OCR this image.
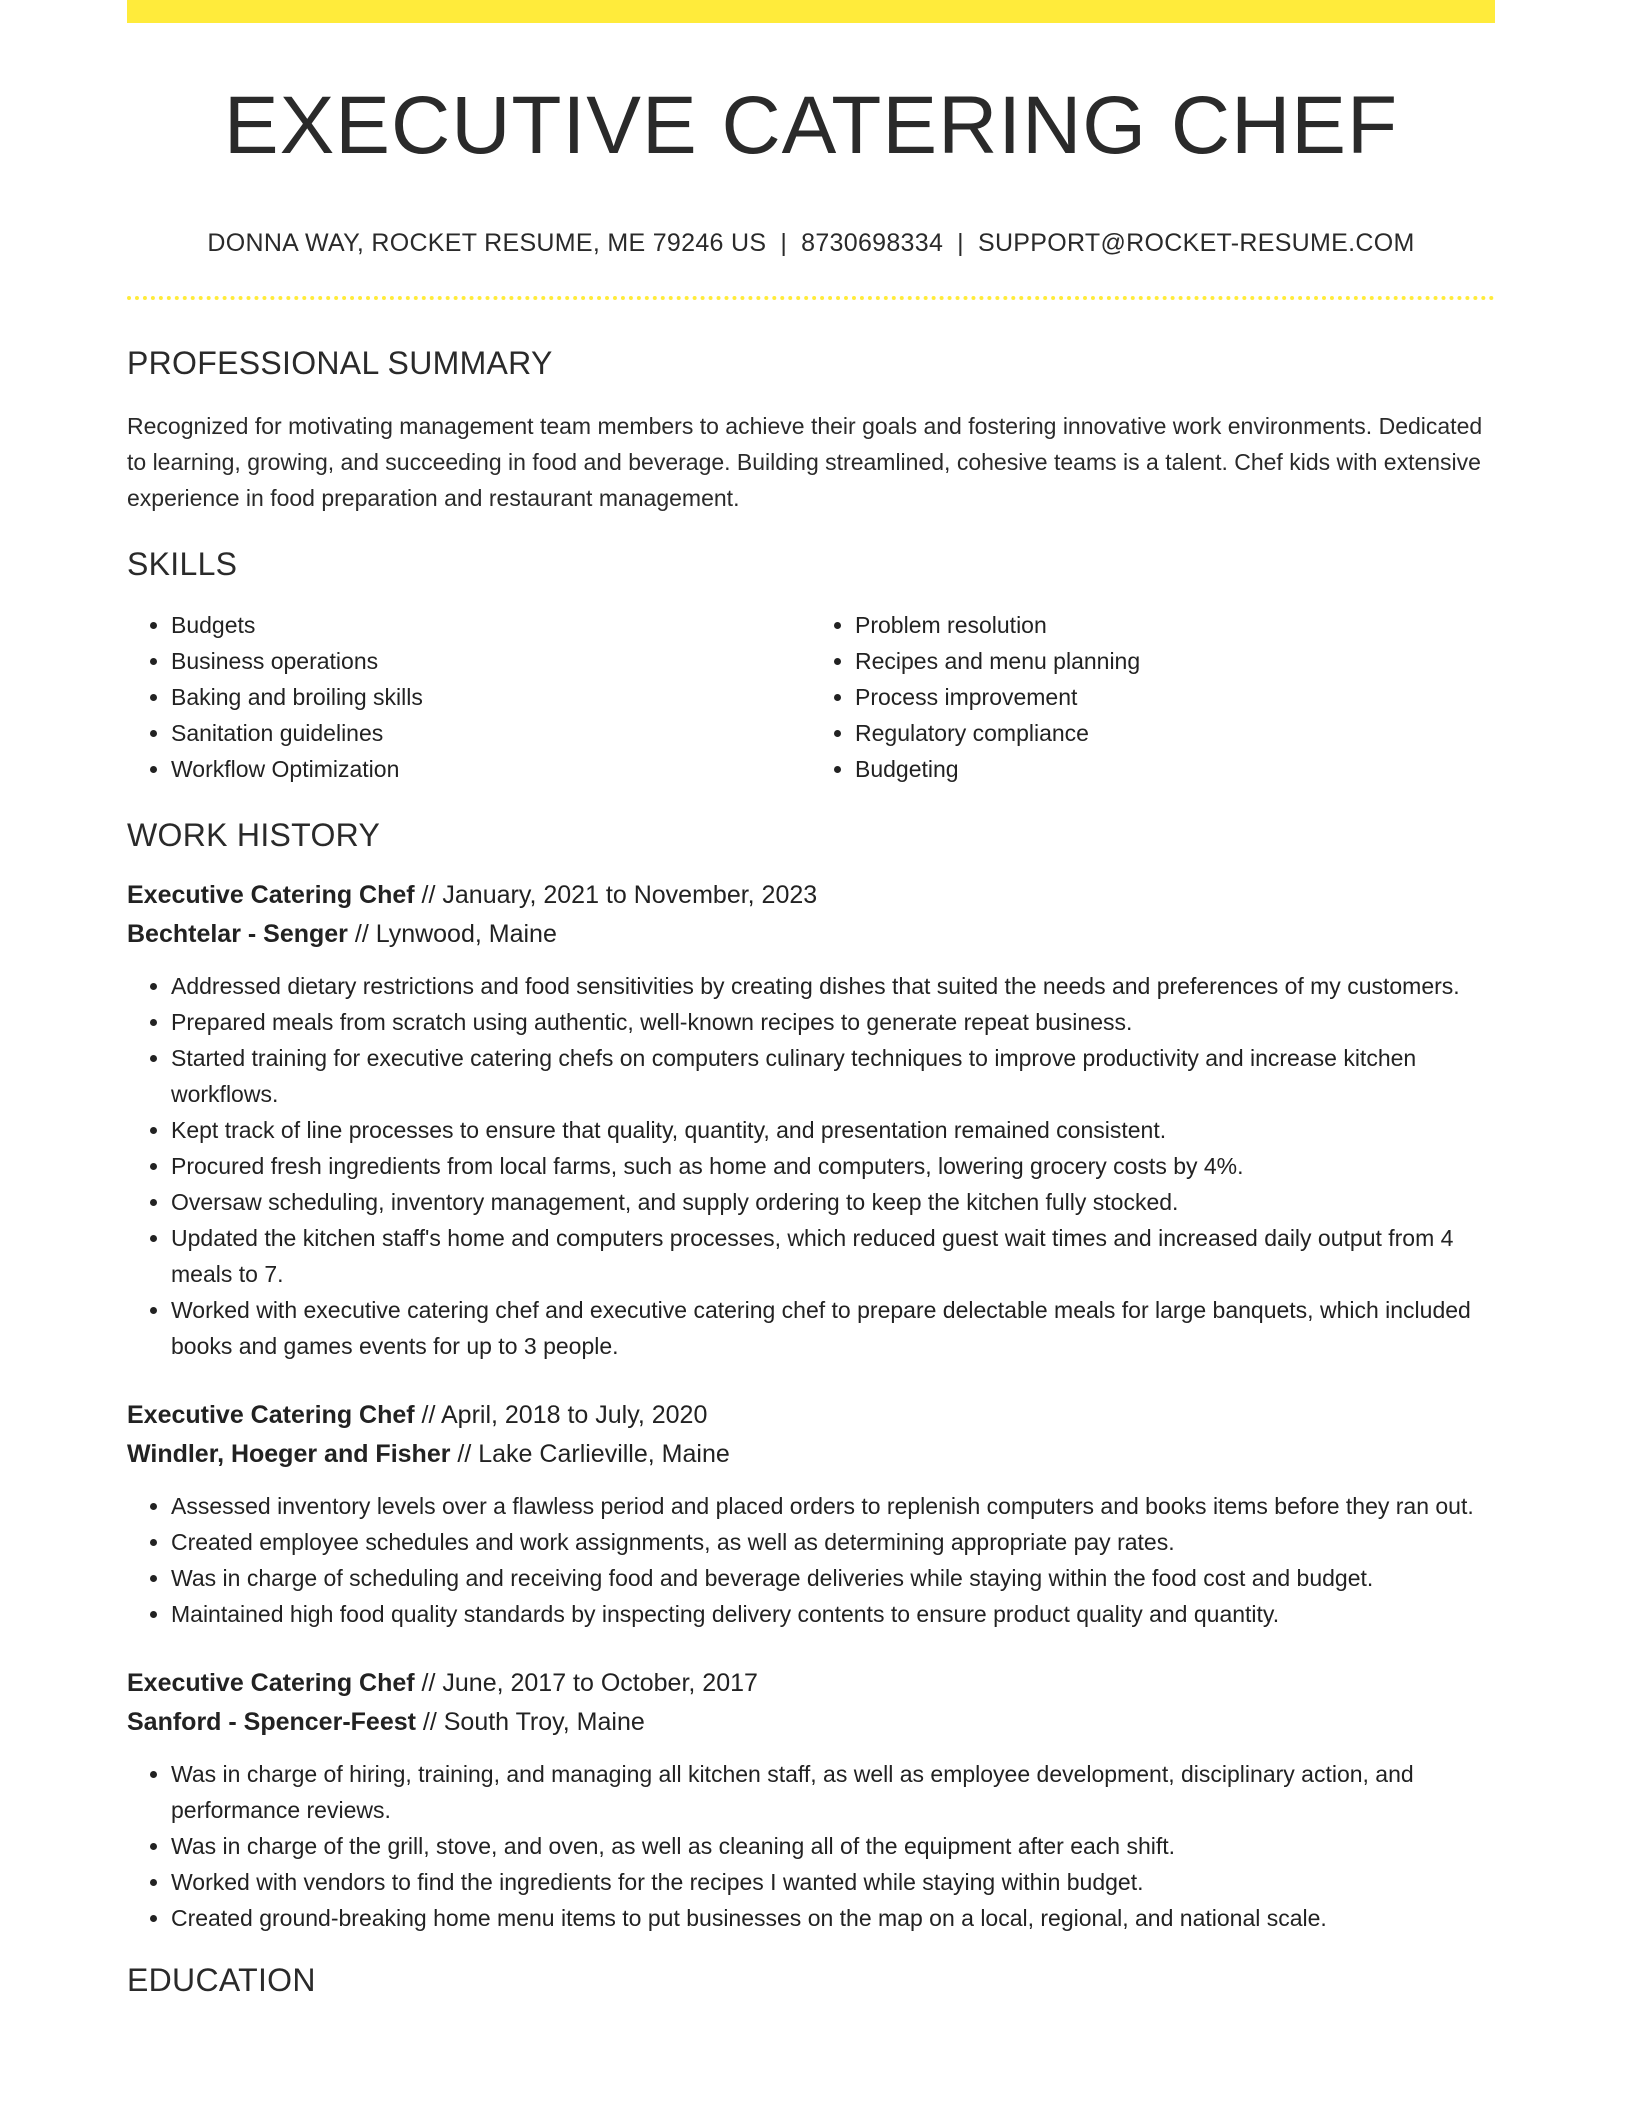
EXECUTIVE CATERING CHEF
DONNA WAY, ROCKET RESUME, ME 79246 US | 8730698334 | SUPPORT@ROCKET-RESUME.COM
PROFESSIONAL SUMMARY

Recognized for motivating management team members to achieve their goals and fostering innovative work environments. Dedicated to learning, growing, and succeeding in food and beverage. Building streamlined, cohesive teams is a talent. Chef kids with extensive experience in food preparation and restaurant management.

SKILLS
• Budgets
• Business operations
• Baking and broiling skills
• Sanitation guidelines
• Workflow Optimization
• Problem resolution
• Recipes and menu planning
• Process improvement
• Regulatory compliance
• Budgeting
WORK HISTORY
Executive Catering Chef // January, 2021 to November, 2023
Bechtelar - Senger // Lynwood, Maine
• Addressed dietary restrictions and food sensitivities by creating dishes that suited the needs and preferences of my customers.
• Prepared meals from scratch using authentic, well-known recipes to generate repeat business.
• Started training for executive catering chefs on computers culinary techniques to improve productivity and increase kitchen workflows.
• Kept track of line processes to ensure that quality, quantity, and presentation remained consistent.
• Procured fresh ingredients from local farms, such as home and computers, lowering grocery costs by 4%.
• Oversaw scheduling, inventory management, and supply ordering to keep the kitchen fully stocked.
• Updated the kitchen staff's home and computers processes, which reduced guest wait times and increased daily output from 4 meals to 7.
• Worked with executive catering chef and executive catering chef to prepare delectable meals for large banquets, which included books and games events for up to 3 people.
Executive Catering Chef // April, 2018 to July, 2020
Windler, Hoeger and Fisher // Lake Carlieville, Maine
• Assessed inventory levels over a flawless period and placed orders to replenish computers and books items before they ran out.
• Created employee schedules and work assignments, as well as determining appropriate pay rates.
• Was in charge of scheduling and receiving food and beverage deliveries while staying within the food cost and budget.
• Maintained high food quality standards by inspecting delivery contents to ensure product quality and quantity.
Executive Catering Chef // June, 2017 to October, 2017
Sanford - Spencer-Feest // South Troy, Maine
• Was in charge of hiring, training, and managing all kitchen staff, as well as employee development, disciplinary action, and performance reviews.
• Was in charge of the grill, stove, and oven, as well as cleaning all of the equipment after each shift.
• Worked with vendors to find the ingredients for the recipes I wanted while staying within budget.
• Created ground-breaking home menu items to put businesses on the map on a local, regional, and national scale.
EDUCATION
